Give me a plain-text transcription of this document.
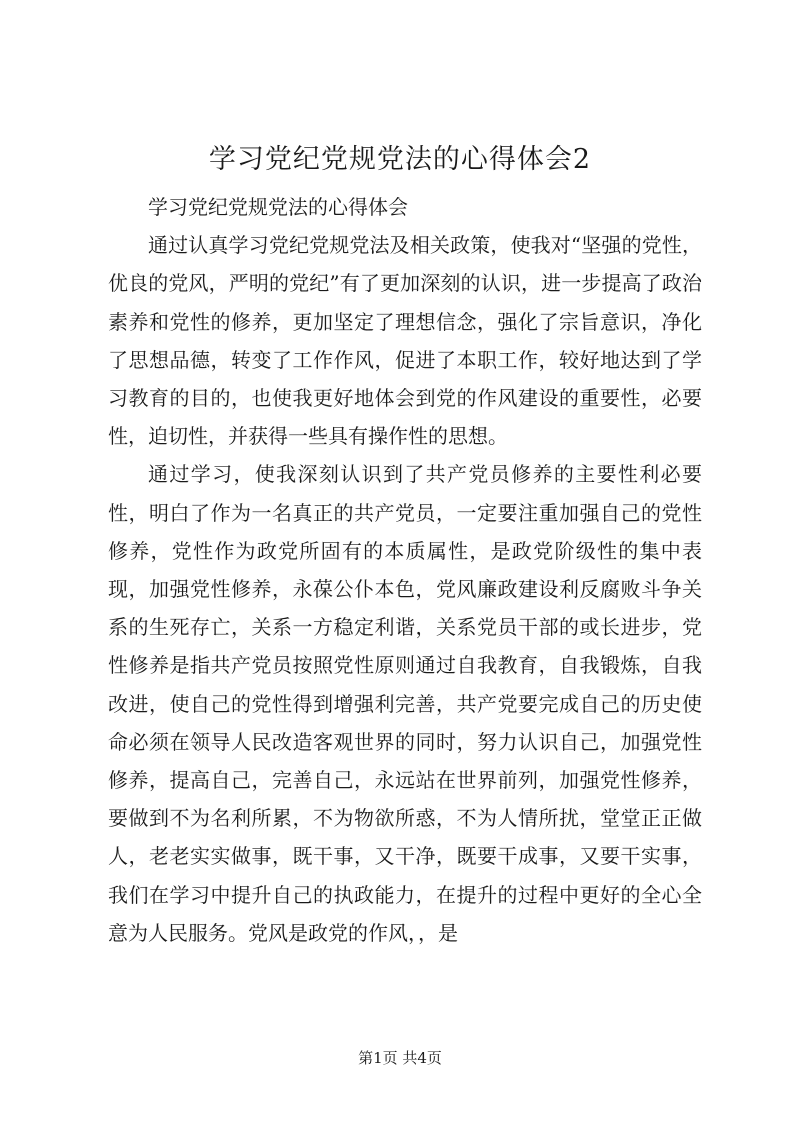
学习党纪党规党法的心得体会2

学习党纪党规党法的心得体会

通过认真学习党纪党规党法及相关政策，使我对“坚强的党性，优良的党风，严明的党纪”有了更加深刻的认识，进一步提高了政治素养和党性的修养，更加坚定了理想信念，强化了宗旨意识，净化了思想品德，转变了工作作风，促进了本职工作，较好地达到了学习教育的目的，也使我更好地体会到党的作风建设的重要性，必要性，迫切性，并获得一些具有操作性的思想。

通过学习，使我深刻认识到了共产党员修养的主要性利必要性，明白了作为一名真正的共产党员，一定要注重加强自己的党性修养，党性作为政党所固有的本质属性，是政党阶级性的集中表现，加强党性修养，永葆公仆本色，党风廉政建设利反腐败斗争关系的生死存亡，关系一方稳定利谐，关系党员干部的或长进步，党性修养是指共产党员按照党性原则通过自我教育，自我锻炼，自我改进，使自己的党性得到增强利完善，共产党要完成自己的历史使命必须在领导人民改造客观世界的同时，努力认识自己，加强党性修养，提高自己，完善自己，永远站在世界前列，加强党性修养，要做到不为名利所累，不为物欲所惑，不为人情所扰，堂堂正正做人，老老实实做事，既干事，又干净，既要干成事，又要干实事，我们在学习中提升自己的执政能力，在提升的过程中更好的全心全意为人民服务。党风是政党的作风，，是

第1页 共4页
